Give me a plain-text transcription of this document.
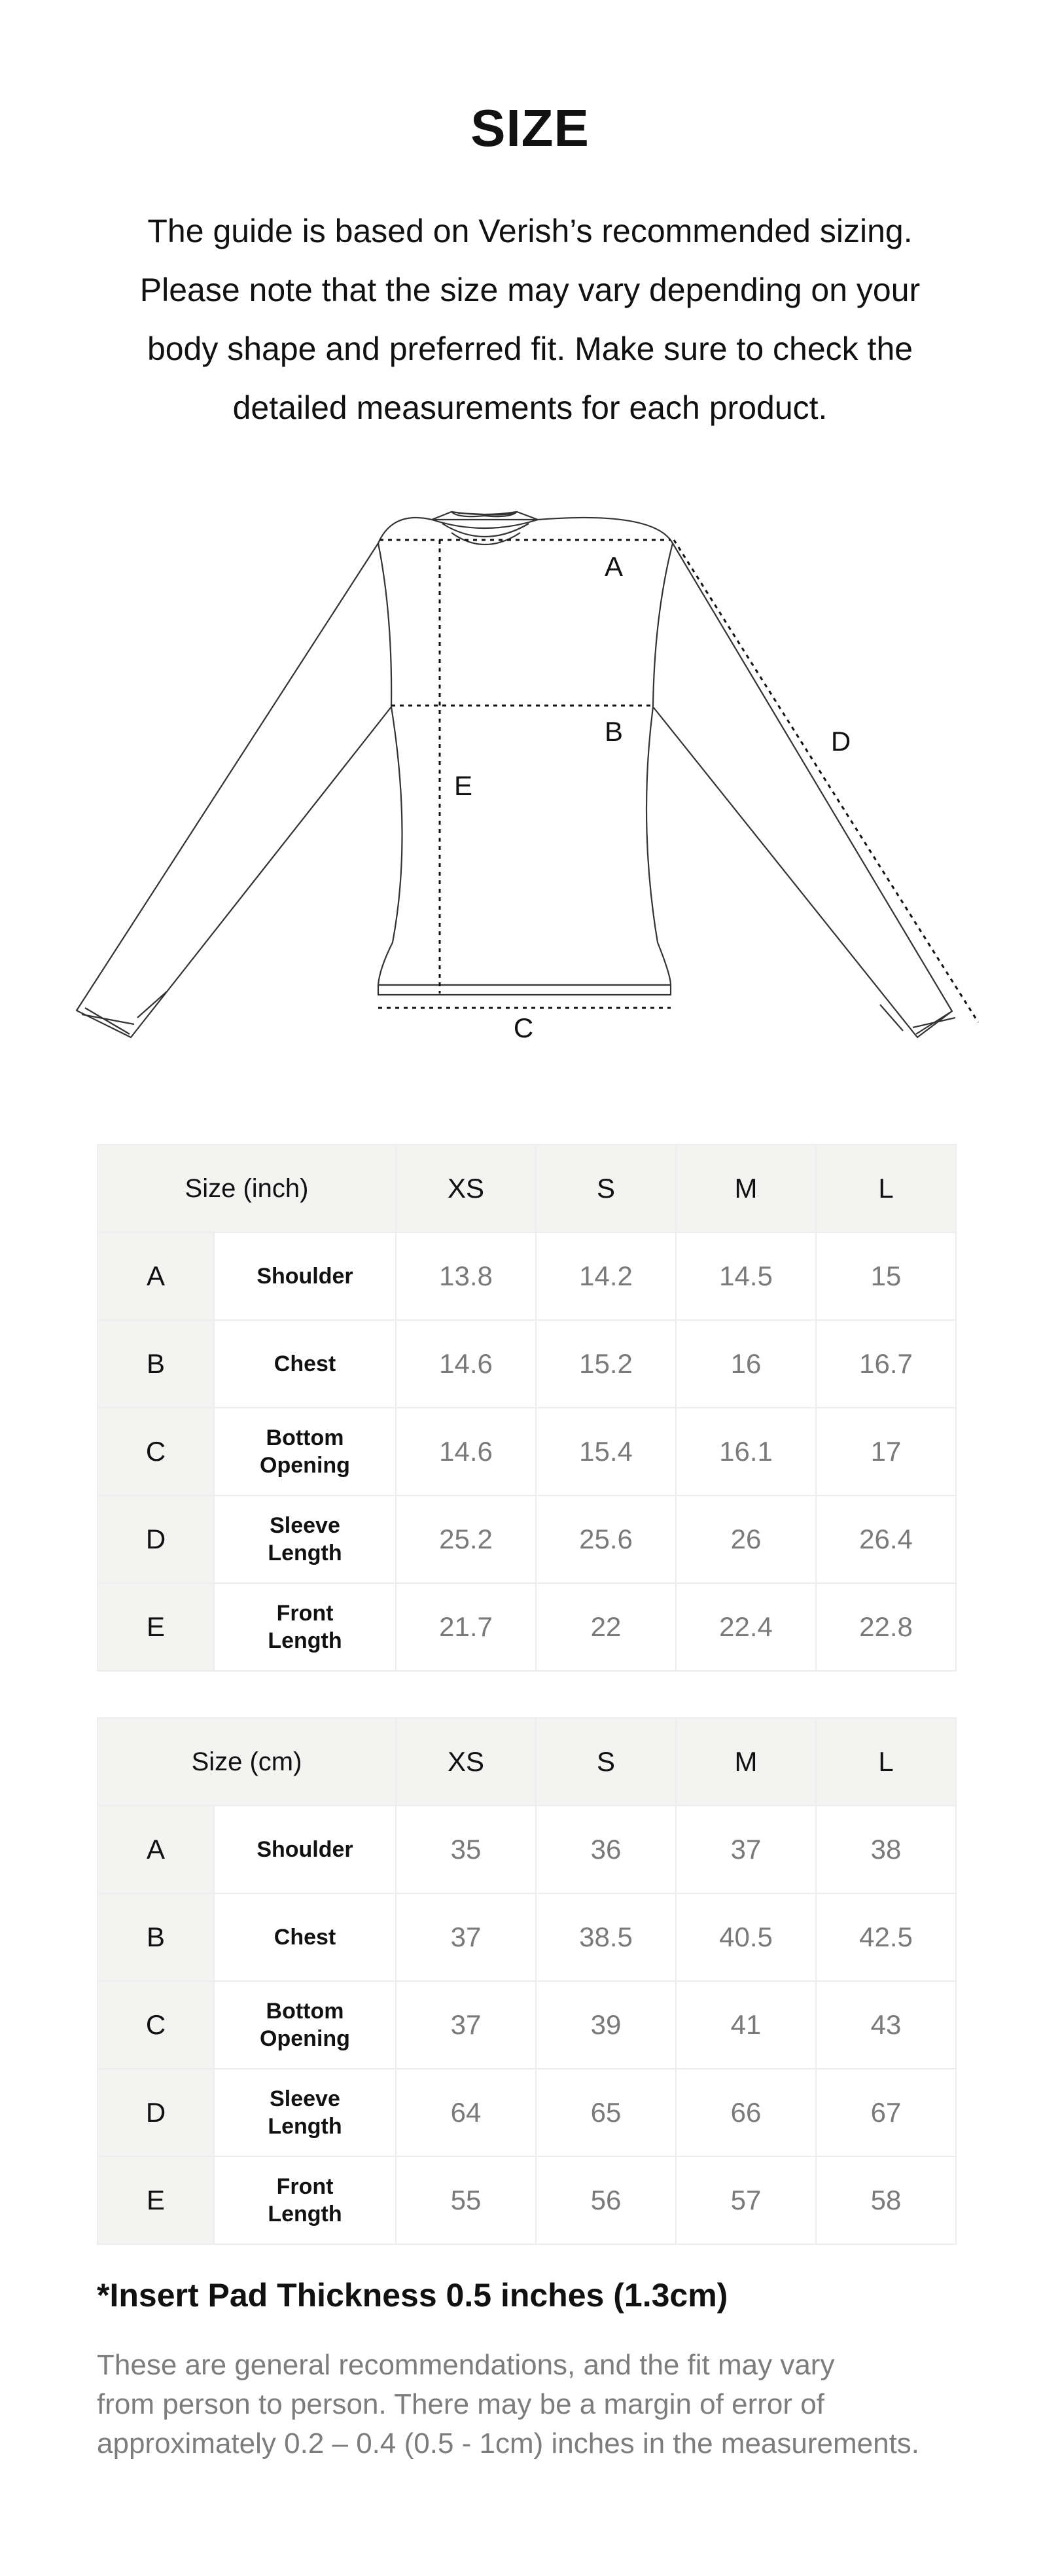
SIZE
The guide is based on Verish’s recommended sizing.
Please note that the size may vary depending on your
body shape and preferred fit. Make sure to check the
detailed measurements for each product.
A
B
C
D
E
Size (inch)		XS	S	M	L
A	Shoulder	13.8	14.2	14.5	15
B	Chest	14.6	15.2	16	16.7
C	Bottom Opening	14.6	15.4	16.1	17
D	Sleeve Length	25.2	25.6	26	26.4
E	Front Length	21.7	22	22.4	22.8
Size (cm)		XS	S	M	L
A	Shoulder	35	36	37	38
B	Chest	37	38.5	40.5	42.5
C	Bottom Opening	37	39	41	43
D	Sleeve Length	64	65	66	67
E	Front Length	55	56	57	58
*Insert Pad Thickness 0.5 inches (1.3cm)
These are general recommendations, and the fit may vary
from person to person. There may be a margin of error of
approximately 0.2 – 0.4 (0.5 - 1cm) inches in the measurements.
